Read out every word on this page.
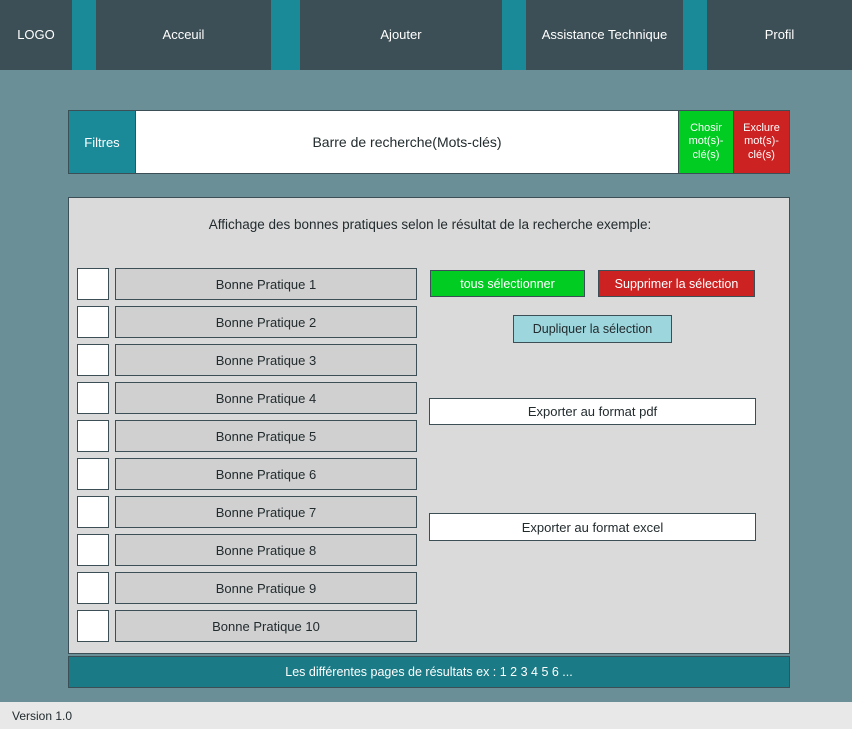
LOGO	Acceuil	Ajouter	Assistance Technique	Profil
Filtres	Barre de recherche(Mots-clés)
Chosir mot(s)-clé(s)
Exclure mot(s)-clé(s)
Affichage des bonnes pratiques selon le résultat de la recherche exemple:
Bonne Pratique 1
Bonne Pratique 2
Bonne Pratique 3
Bonne Pratique 4
Bonne Pratique 5
Bonne Pratique 6
Bonne Pratique 7
Bonne Pratique 8
Bonne Pratique 9
Bonne Pratique 10
tous sélectionner	Supprimer la sélection
Dupliquer la sélection
Exporter au format pdf
Exporter au format excel
Les différentes pages de résultats ex : 1 2 3 4 5 6 ...
Version 1.0
